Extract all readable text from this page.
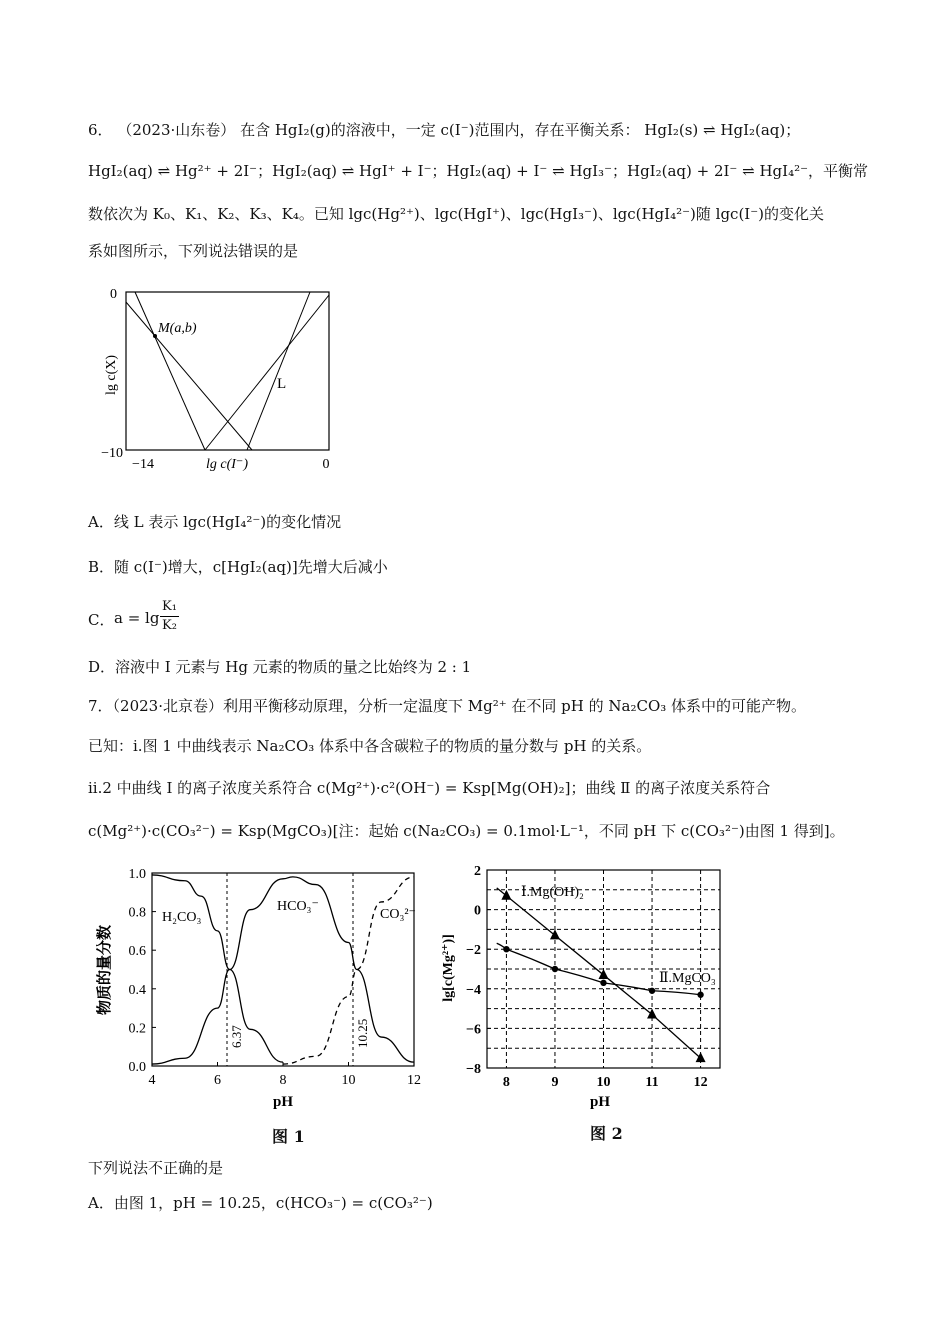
6． （2023·山东卷） 在含 HgI₂(g)的溶液中，一定 c(I⁻)范围内，存在平衡关系： HgI₂(s) ⇌ HgI₂(aq)；
HgI₂(aq) ⇌ Hg²⁺ + 2I⁻；HgI₂(aq) ⇌ HgI⁺ + I⁻；HgI₂(aq) + I⁻ ⇌ HgI₃⁻；HgI₂(aq) + 2I⁻ ⇌ HgI₄²⁻，平衡常
数依次为 K₀、K₁、K₂、K₃、K₄。已知 lgc(Hg²⁺)、lgc(HgI⁺)、lgc(HgI₃⁻)、lgc(HgI₄²⁻)随 lgc(I⁻)的变化关
系如图所示，下列说法错误的是
0
−10
−14	0
lg c(I⁻)
lg c(X)
M(a,b)
L
A．线 L 表示 lgc(HgI₄²⁻)的变化情况
B．随 c(I⁻)增大，c[HgI₂(aq)]先增大后减小
C． $a = \lg \frac{\text{K₁}}{\text{K₂}}$
D．溶液中 I 元素与 Hg 元素的物质的量之比始终为 2 : 1
7．（2023·北京卷）利用平衡移动原理，分析一定温度下 Mg²⁺ 在不同 pH 的 Na₂CO₃ 体系中的可能产物。
已知：i.图 1 中曲线表示 Na₂CO₃ 体系中各含碳粒子的物质的量分数与 pH 的关系。
ii.2 中曲线 Ⅰ 的离子浓度关系符合 c(Mg²⁺)·c²(OH⁻) = Ksp[Mg(OH)₂]；曲线 Ⅱ 的离子浓度关系符合
c(Mg²⁺)·c(CO₃²⁻) = Ksp(MgCO₃)[注：起始 c(Na₂CO₃) = 0.1mol·L⁻¹，不同 pH 下 c(CO₃²⁻)由图 1 得到]。
4	6	8	10	12
0.0
0.2
0.4
0.6
0.8
1.0
H₂CO₃
HCO₃⁻
CO₃²⁻
6.37	10.25
pH
物质的量分数
图 1
8	9	10 11 12
2
0
−2
−4
−6
−8
Ⅰ.Mg(OH)₂
Ⅱ.MgCO₃
pH
lg[c(Mg²⁺)]
图 2
下列说法不正确的是
A．由图 1，pH = 10.25，c(HCO₃⁻) = c(CO₃²⁻)
